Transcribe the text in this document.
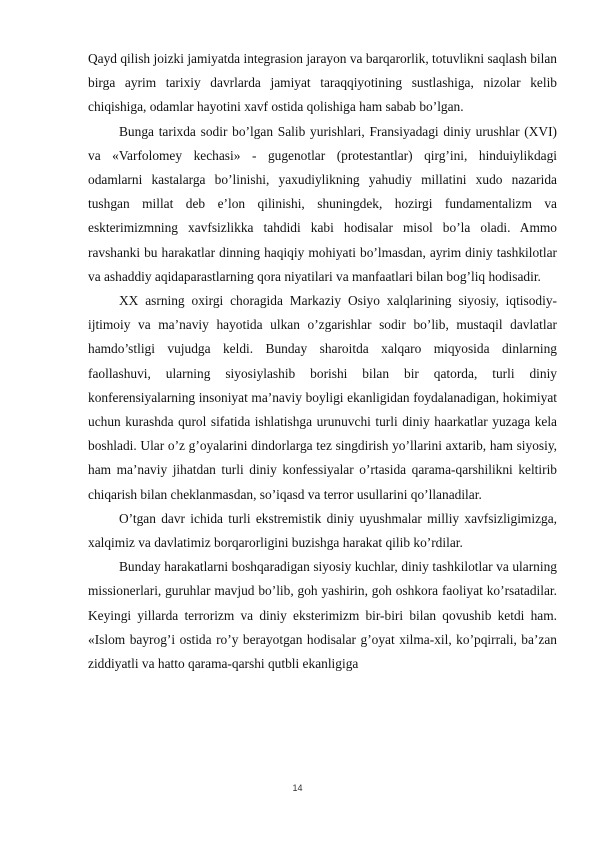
Qayd qilish joizki jamiyatda integrasion jarayon va barqarorlik, totuvlikni saqlash bilan birga ayrim tarixiy davrlarda jamiyat taraqqiyotining sustlashiga, nizolar kelib chiqishiga, odamlar hayotini xavf ostida qolishiga ham sabab bo’lgan.

Bunga tarixda sodir bo’lgan Salib yurishlari, Fransiyadagi diniy urushlar (XVI) va «Varfolomey kechasi» - gugenotlar (protestantlar) qirg’ini, hinduiylikdagi odamlarni kastalarga bo’linishi, yaxudiylikning yahudiy millatini xudo nazarida tushgan millat deb e’lon qilinishi, shuningdek, hozirgi fundamentalizm va eskterimizmning xavfsizlikka tahdidi kabi hodisalar misol bo’la oladi. Ammo ravshanki bu harakatlar dinning haqiqiy mohiyati bo’lmasdan, ayrim diniy tashkilotlar va ashaddiy aqidaparastlarning qora niyatilari va manfaatlari bilan bog’liq hodisadir.

XX asrning oxirgi choragida Markaziy Osiyo xalqlarining siyosiy, iqtisodiy-ijtimoiy va ma’naviy hayotida ulkan o’zgarishlar sodir bo’lib, mustaqil davlatlar hamdo’stligi vujudga keldi. Bunday sharoitda xalqaro miqyosida dinlarning faollashuvi, ularning siyosiylashib borishi bilan bir qatorda, turli diniy konferensiyalarning insoniyat ma’naviy boyligi ekanligidan foydalanadigan, hokimiyat uchun kurashda qurol sifatida ishlatishga urunuvchi turli diniy haarkatlar yuzaga kela boshladi. Ular o’z g’oyalarini dindorlarga tez singdirish yo’llarini axtarib, ham siyosiy, ham ma’naviy jihatdan turli diniy konfessiyalar o’rtasida qarama-qarshilikni keltirib chiqarish bilan cheklanmasdan, so’iqasd va terror usullarini qo’llanadilar.

O’tgan davr ichida turli ekstremistik diniy uyushmalar milliy xavfsizligimizga, xalqimiz va davlatimiz borqarorligini buzishga harakat qilib ko’rdilar.

Bunday harakatlarni boshqaradigan siyosiy kuchlar, diniy tashkilotlar va ularning missionerlari, guruhlar mavjud bo’lib, goh yashirin, goh oshkora faoliyat ko’rsatadilar. Keyingi yillarda terrorizm va diniy eksterimizm bir-biri bilan qovushib ketdi ham. «Islom bayrog’i ostida ro’y berayotgan hodisalar g’oyat xilma-xil, ko’pqirrali, ba’zan ziddiyatli va hatto qarama-qarshi qutbli ekanligiga

14
